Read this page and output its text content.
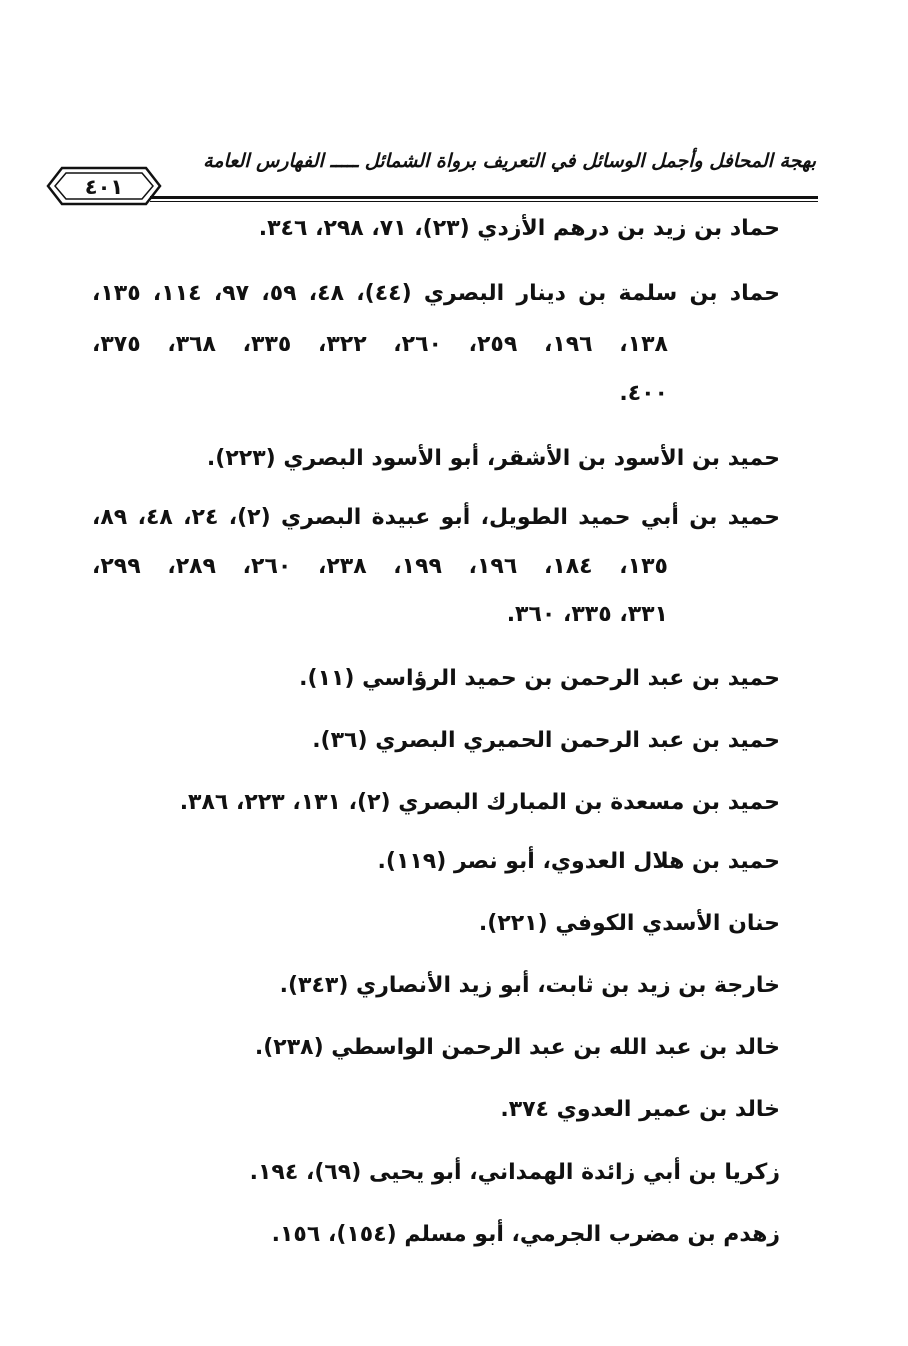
بهجة المحافل وأجمل الوسائل في التعريف برواة الشمائل ـــــ الفهارس العامة
٤٠١
حماد بن زيد بن درهم الأزدي (٢٣)، ٧١، ٢٩٨، ٣٤٦.
حماد بن سلمة بن دينار البصري (٤٤)، ٤٨، ٥٩، ٩٧، ١١٤، ١٣٥،
١٣٨، ١٩٦، ٢٥٩، ٢٦٠، ٣٢٢، ٣٣٥، ٣٦٨، ٣٧٥،
٤٠٠.
حميد بن الأسود بن الأشقر، أبو الأسود البصري (٢٢٣).
حميد بن أبي حميد الطويل، أبو عبيدة البصري (٢)، ٢٤، ٤٨، ٨٩،
١٣٥، ١٨٤، ١٩٦، ١٩٩، ٢٣٨، ٢٦٠، ٢٨٩، ٢٩٩،
٣٣١، ٣٣٥، ٣٦٠.
حميد بن عبد الرحمن بن حميد الرؤاسي (١١).
حميد بن عبد الرحمن الحميري البصري (٣٦).
حميد بن مسعدة بن المبارك البصري (٢)، ١٣١، ٢٢٣، ٣٨٦.
حميد بن هلال العدوي، أبو نصر (١١٩).
حنان الأسدي الكوفي (٢٢١).
خارجة بن زيد بن ثابت، أبو زيد الأنصاري (٣٤٣).
خالد بن عبد الله بن عبد الرحمن الواسطي (٢٣٨).
خالد بن عمير العدوي ٣٧٤.
زكريا بن أبي زائدة الهمداني، أبو يحيى (٦٩)، ١٩٤.
زهدم بن مضرب الجرمي، أبو مسلم (١٥٤)، ١٥٦.
